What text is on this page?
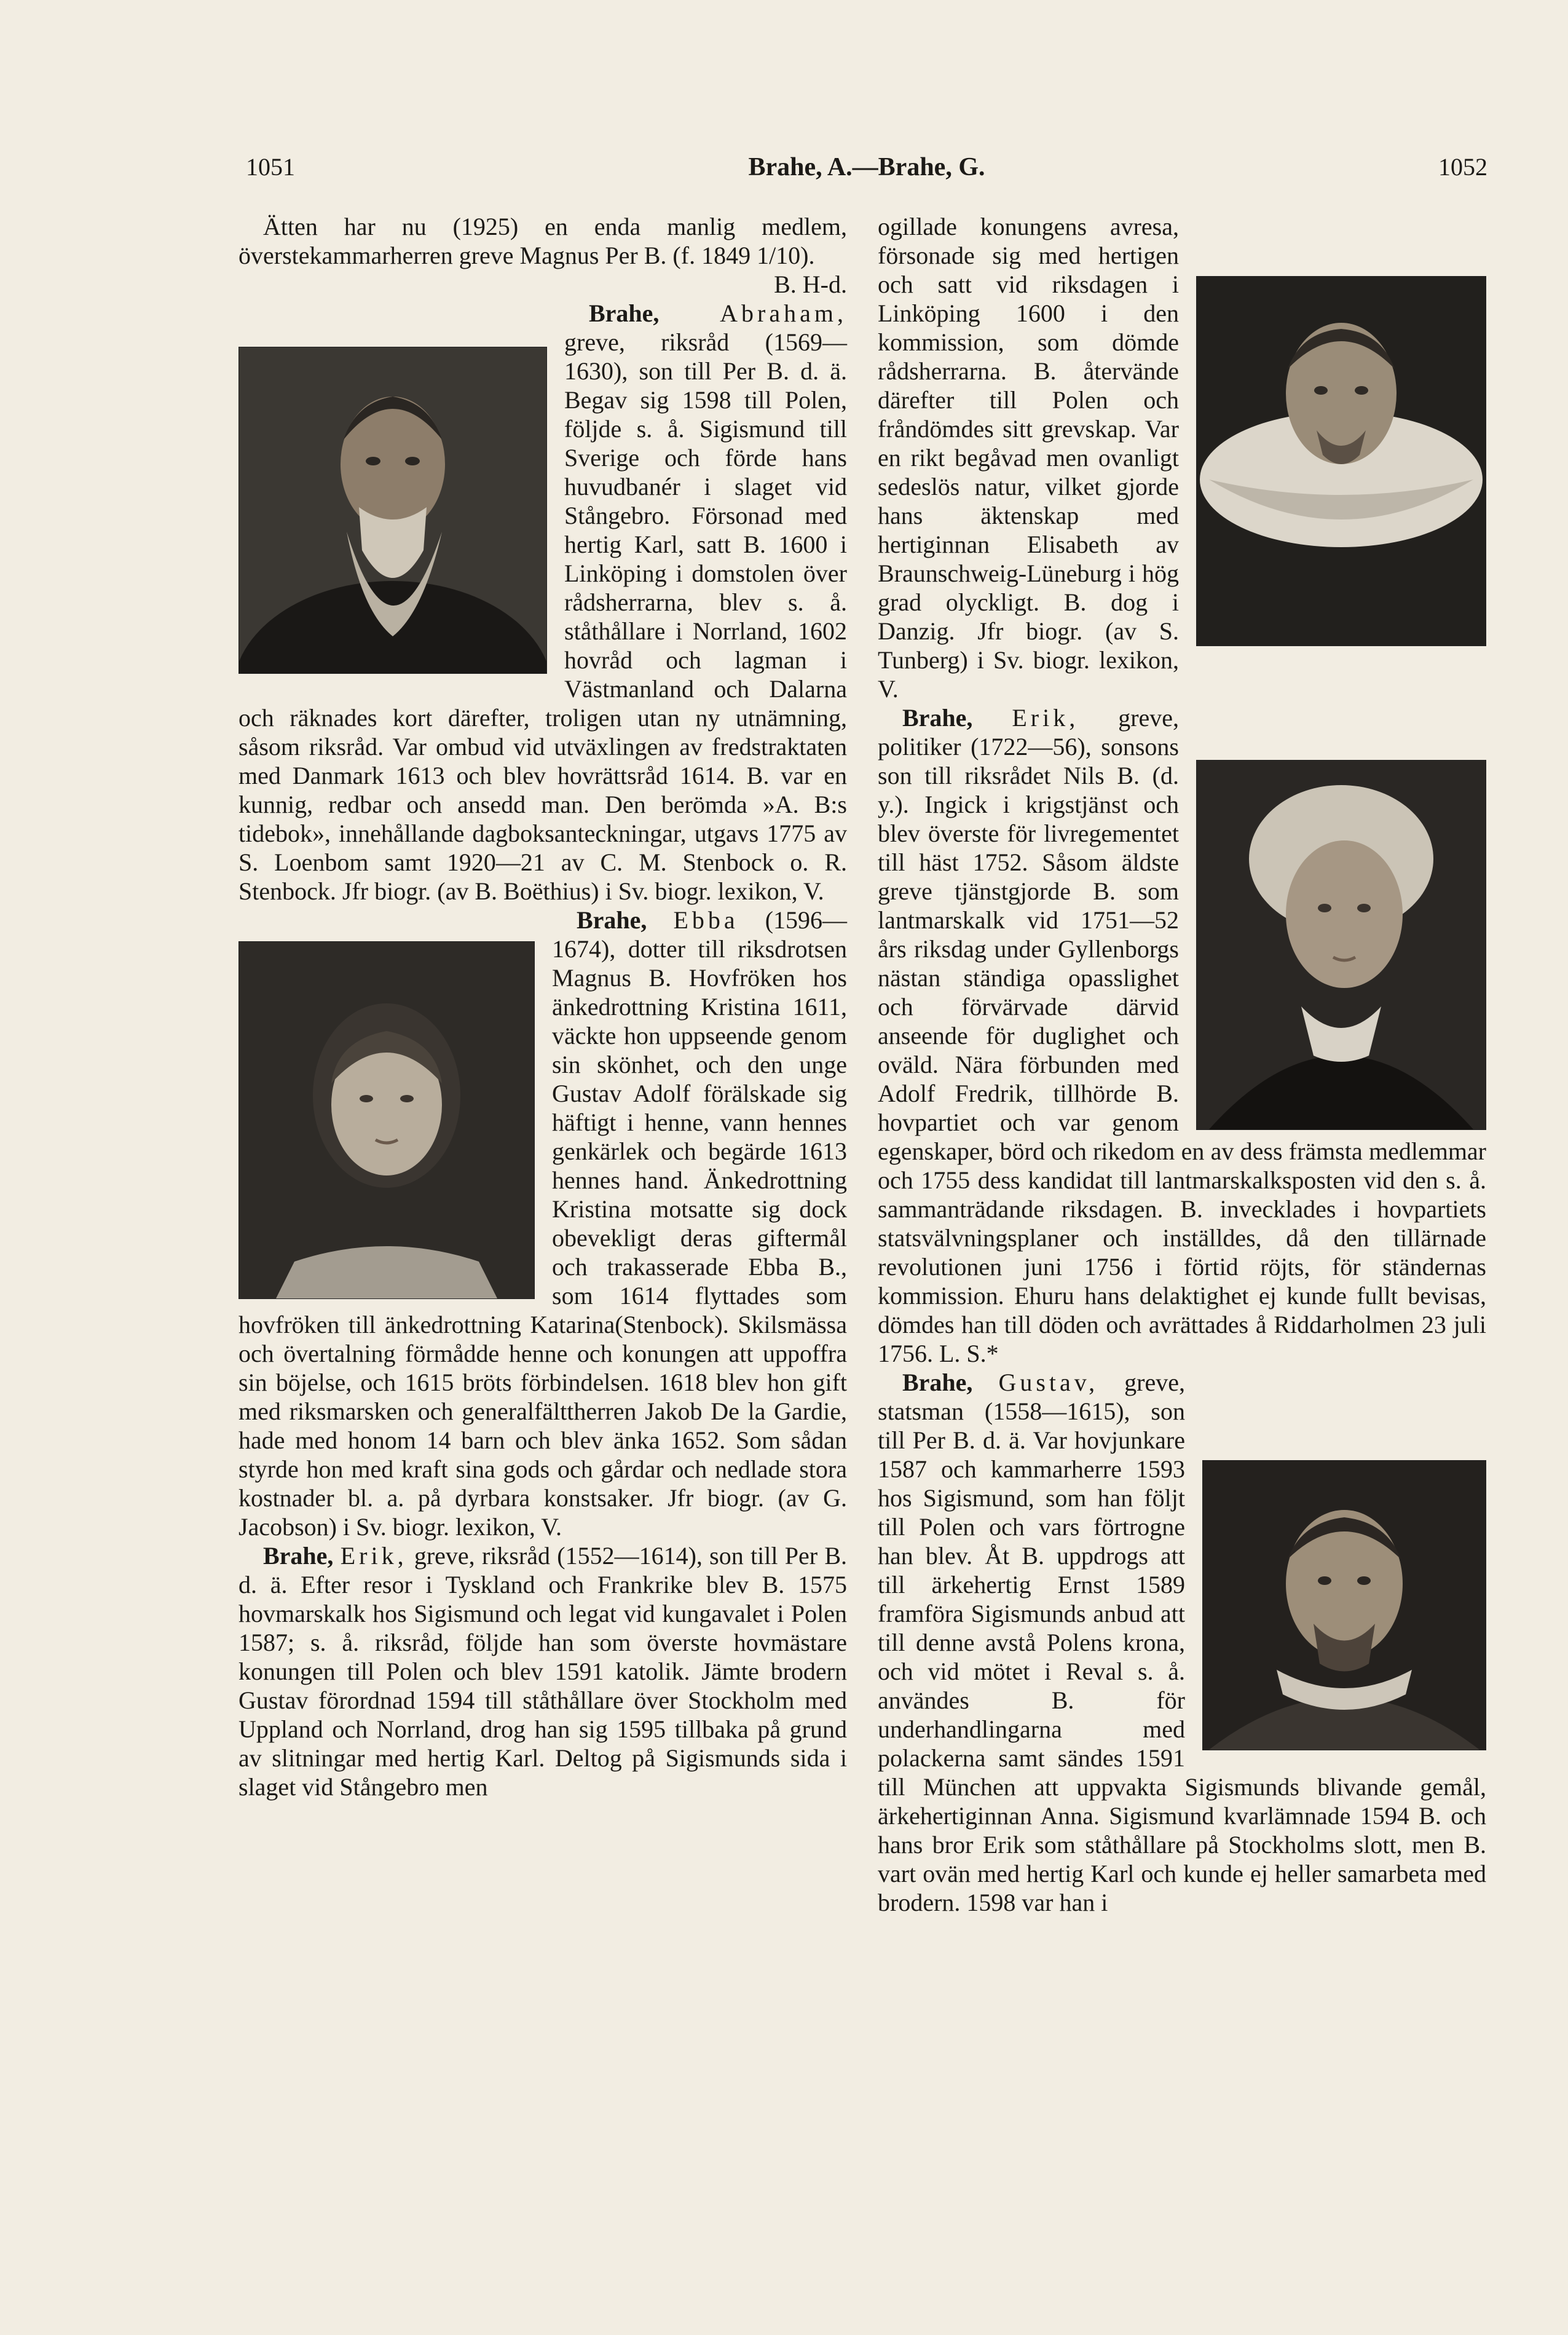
1051	Brahe, A.—Brahe, G.	1052

Ätten har nu (1925) en enda manlig medlem, överstekammarherren greve Magnus Per B. (f. 1849 1/10).
B. H-d.

Brahe, Abraham, greve, riksråd (1569—1630), son till Per B. d. ä. Begav sig 1598 till Polen, följde s. å. Sigismund till Sverige och förde hans huvudbanér i slaget vid Stångebro. Försonad med hertig Karl, satt B. 1600 i Linköping i domstolen över rådsherrarna, blev s. å. ståthållare i Norrland, 1602 hovråd och lagman i Västmanland och Dalarna och räknades kort därefter, troligen utan ny utnämning, såsom riksråd. Var ombud vid utväxlingen av fredstraktaten med Danmark 1613 och blev hovrättsråd 1614. B. var en kunnig, redbar och ansedd man. Den berömda »A. B:s tidebok», innehållande dagboksanteckningar, utgavs 1775 av S. Loenbom samt 1920—21 av C. M. Stenbock o. R. Stenbock. Jfr biogr. (av B. Boëthius) i Sv. biogr. lexikon, V.

Brahe, Ebba (1596—1674), dotter till riksdrotsen Magnus B. Hovfröken hos änkedrottning Kristina 1611, väckte hon uppseende genom sin skönhet, och den unge Gustav Adolf förälskade sig häftigt i henne, vann hennes genkärlek och begärde 1613 hennes hand. Änkedrottning Kristina motsatte sig dock obevekligt deras giftermål och trakasserade Ebba B., som 1614 flyttades som hovfröken till änkedrottning Katarina(Stenbock). Skilsmässa och övertalning förmådde henne och konungen att uppoffra sin böjelse, och 1615 bröts förbindelsen. 1618 blev hon gift med riksmarsken och generalfälttherren Jakob De la Gardie, hade med honom 14 barn och blev änka 1652. Som sådan styrde hon med kraft sina gods och gårdar och nedlade stora kostnader bl. a. på dyrbara konstsaker. Jfr biogr. (av G. Jacobson) i Sv. biogr. lexikon, V.

Brahe, Erik, greve, riksråd (1552—1614), son till Per B. d. ä. Efter resor i Tyskland och Frankrike blev B. 1575 hovmarskalk hos Sigismund och legat vid kungavalet i Polen 1587; s. å. riksråd, följde han som överste hovmästare konungen till Polen och blev 1591 katolik. Jämte brodern Gustav förordnad 1594 till ståthållare över Stockholm med Uppland och Norrland, drog han sig 1595 tillbaka på grund av slitningar med hertig Karl. Deltog på Sigismunds sida i slaget vid Stångebro men

ogillade konungens avresa, försonade sig med hertigen och satt vid riksdagen i Linköping 1600 i den kommission, som dömde rådsherrarna. B. återvände därefter till Polen och fråndömdes sitt grevskap. Var en rikt begåvad men ovanligt sedeslös natur, vilket gjorde hans äktenskap med hertiginnan Elisabeth av Braunschweig-Lüneburg i hög grad olyckligt. B. dog i Danzig. Jfr biogr. (av S. Tunberg) i Sv. biogr. lexikon, V.

Brahe, Erik, greve, politiker (1722—56), sonsons son till riksrådet Nils B. (d. y.). Ingick i krigstjänst och blev överste för livregementet till häst 1752. Såsom äldste greve tjänstgjorde B. som lantmarskalk vid 1751—52 års riksdag under Gyllenborgs nästan ständiga opasslighet och förvärvade därvid anseende för duglighet och oväld. Nära förbunden med Adolf Fredrik, tillhörde B. hovpartiet och var genom egenskaper, börd och rikedom en av dess främsta medlemmar och 1755 dess kandidat till lantmarskalksposten vid den s. å. sammanträdande riksdagen. B. invecklades i hovpartiets statsvälvningsplaner och inställdes, då den tillärnade revolutionen juni 1756 i förtid röjts, för ständernas kommission. Ehuru hans delaktighet ej kunde fullt bevisas, dömdes han till döden och avrättades å Riddarholmen 23 juli 1756. L. S.*

Brahe, Gustav, greve, statsman (1558—1615), son till Per B. d. ä. Var hovjunkare 1587 och kammarherre 1593 hos Sigismund, som han följt till Polen och vars förtrogne han blev. Åt B. uppdrogs att till ärkehertig Ernst 1589 framföra Sigismunds anbud att till denne avstå Polens krona, och vid mötet i Reval s. å. användes B. för underhandlingarna med polackerna samt sändes 1591 till München att uppvakta Sigismunds blivande gemål, ärkehertiginnan Anna. Sigismund kvarlämnade 1594 B. och hans bror Erik som ståthållare på Stockholms slott, men B. vart ovän med hertig Karl och kunde ej heller samarbeta med brodern. 1598 var han i
